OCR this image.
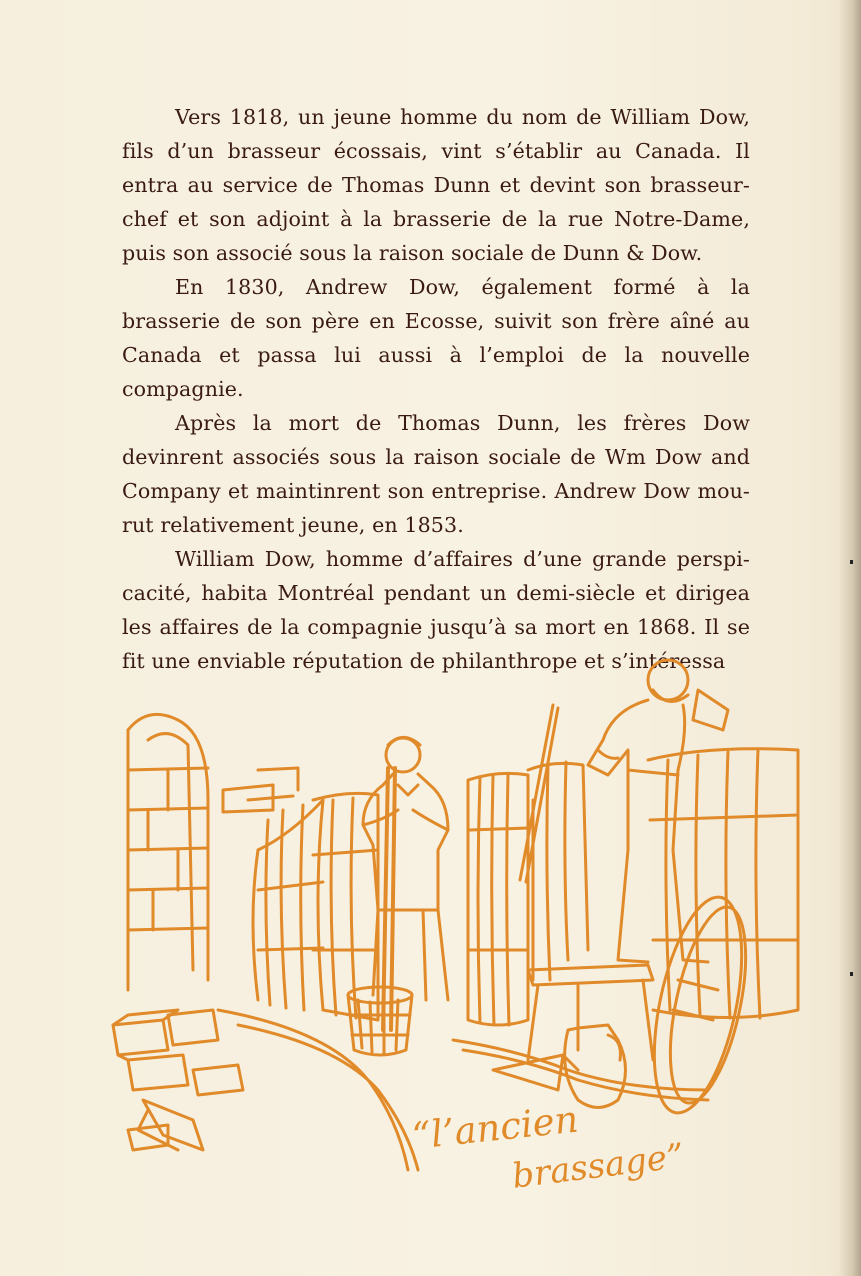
Vers 1818, un jeune homme du nom de William Dow, fils d’un brasseur écossais, vint s’établir au Canada. Il entra au service de Thomas Dunn et devint son brasseur-chef et son adjoint à la brasserie de la rue Notre-Dame, puis son associé sous la raison sociale de Dunn & Dow.

En 1830, Andrew Dow, également formé à la brasserie de son père en Ecosse, suivit son frère aîné au Canada et passa lui aussi à l’emploi de la nouvelle compagnie.

Après la mort de Thomas Dunn, les frères Dow devinrent associés sous la raison sociale de Wm Dow and Company et maintinrent son entreprise. Andrew Dow mou- rut relativement jeune, en 1853.

William Dow, homme d’affaires d’une grande perspi- cacité, habita Montréal pendant un demi-siècle et dirigea les affaires de la compagnie jusqu’à sa mort en 1868. Il se fit une enviable réputation de philanthrope et s’intéressa

“l’ancien
brassage”
